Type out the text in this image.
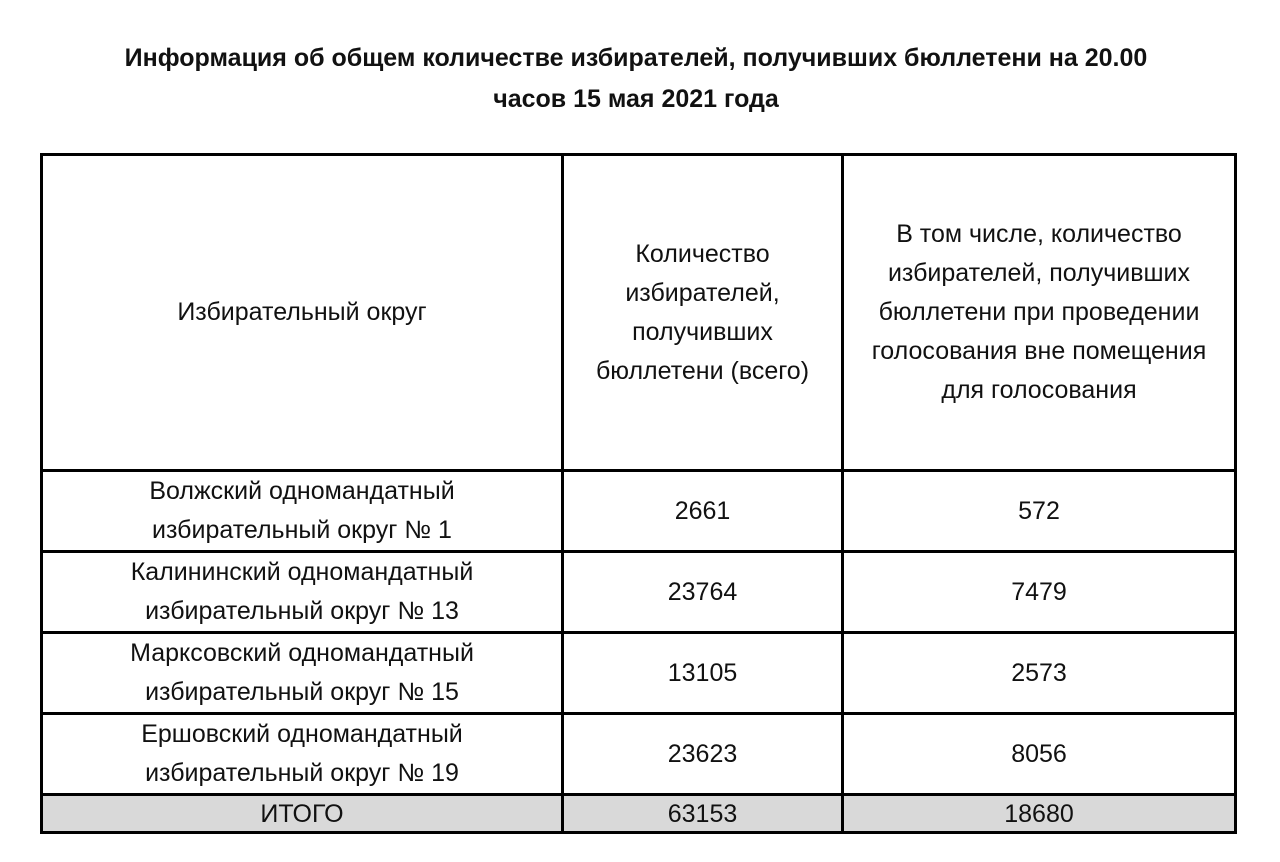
Информация об общем количестве избирателей, получивших бюллетени на 20.00
часов 15 мая 2021 года
Избирательный округ	Количество избирателей, получивших бюллетени (всего)	В том числе, количество избирателей, получивших бюллетени при проведении голосования вне помещения для голосования
Волжский одномандатный
избирательный округ № 1	2661	572
Калининский одномандатный
избирательный округ № 13	23764	7479
Марксовский одномандатный
избирательный округ № 15	13105	2573
Ершовский одномандатный
избирательный округ № 19	23623	8056
ИТОГО	63153	18680
